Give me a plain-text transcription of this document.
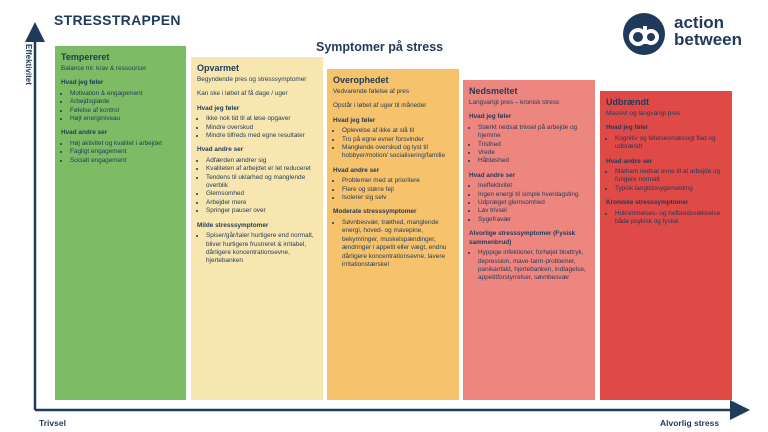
STRESSTRAPPEN
Symptomer på stress
action
between
Effektivitet
Trivsel	Alvorlig stress
Tempereret
Balance ml. krav & ressourcer
Hvad jeg føler
• Motivation & engagement
• Arbejdsglæde
• Følelse af kontrol
• Højt energiniveau
Hvad andre ser
• Høj aktivitet og kvalitet i arbejdet
• Fagligt engagement
• Socialt engagement
Opvarmet
Begyndende pres og stresssymptomer
Kan ske i løbet af få dage / uger
Hvad jeg føler
• Ikke nok tid til at løse opgaver
• Mindre overskud
• Mindre tilfreds med egne resultater
Hvad andre ser
• Adfærden ændrer sig
• Kvaliteten af arbejdet er let reduceret
• Tendens til uklarhed og manglende overblik
• Glemsomhed
• Arbejder mere
• Springer pauser over
Milde stresssymptomer
• Spiser/går/taler hurtigere end normalt, bliver hurtigere frustreret & irritabel, dårligere koncentrationsevne, hjertebanken
Overophedet
Vedvarende følelse af pres
Opstår i løbet af uger til måneder
Hvad jeg føler
• Oplevelse af ikke at slå til
• Tro på egne evner forsvinder
• Manglende overskud og lyst til hobbyer/motion/ socialisering/familie
Hvad andre ser
• Problemer med at prioritere
• Flere og større fejl
• Isolerer sig selv
Moderate stresssymptomer
• Søvnbesvær, træthed, manglende energi, hoved- og mavepine, bekymringer, muskelspændinger, ændringer i appetit eller vægt, endnu dårligere koncentrationsevne, lavere irritationstærskel
Nedsmeltet
Langvarigt pres – kronisk stress
Hvad jeg føler
• Stærkt nedsat trivsel på arbejde og hjemme
• Tristhed
• Vrede
• Håbløshed
Hvad andre ser
• Ineffektivitet
• Ingen energi til simple hverdagsting
• Udpræget glemsomhed
• Lav trivsel
• Sygefravær
Alvorlige stresssymptomer (Fysisk sammenbrud)
• Hyppige infektioner, forhøjet blodtryk, depression, mave-tarm-problemer, panikanfald, hjertebanken, indtagelse, appetitforstyrrelser, søvnbesvær
Udbrændt
Massivt og langvarigt pres
Hvad jeg føler
• Kognitiv og følelsesmæssigt flad og udbrændt
Hvad andre ser
• Markant nedsat evne til at arbejde og fungere normalt
• Typisk langtidssygemelding
Kroniske stresssymptomer
• Hukommelses- og hefbredsvækkelse både psykisk og fysisk
